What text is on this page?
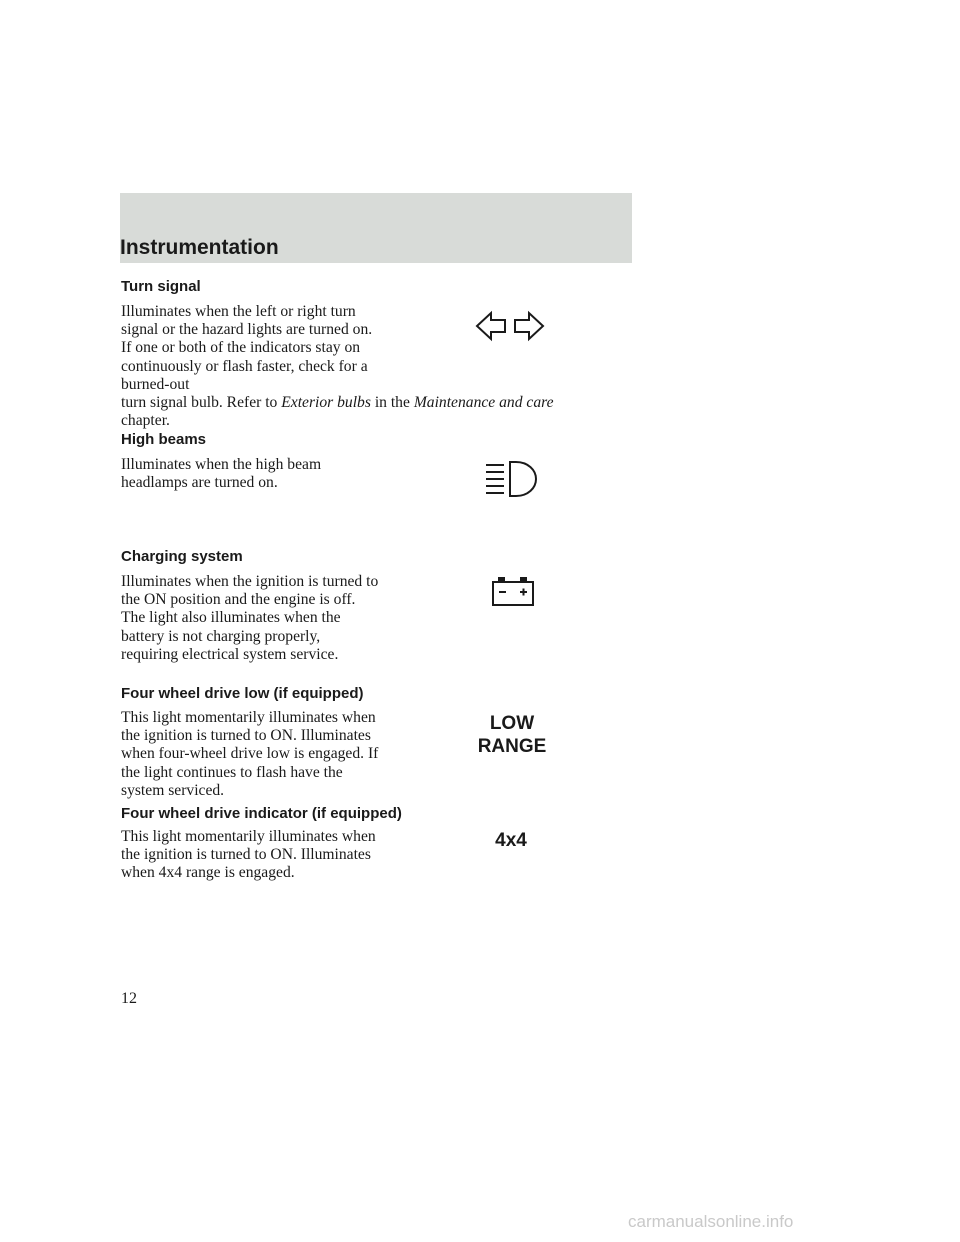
Instrumentation
Turn signal
Illuminates when the left or right turn signal or the hazard lights are turned on. If one or both of the indicators stay on continuously or flash faster, check for a burned-out
turn signal bulb. Refer to Exterior bulbs in the Maintenance and care
chapter.
High beams
Illuminates when the high beam headlamps are turned on.
Charging system
Illuminates when the ignition is turned to the ON position and the engine is off. The light also illuminates when the battery is not charging properly, requiring electrical system service.
Four wheel drive low (if equipped)
This light momentarily illuminates when the ignition is turned to ON. Illuminates when four-wheel drive low is engaged. If the light continues to flash have the system serviced.
LOW
RANGE
Four wheel drive indicator (if equipped)
This light momentarily illuminates when the ignition is turned to ON. Illuminates when 4x4 range is engaged.
4x4
12
carmanualsonline.info
